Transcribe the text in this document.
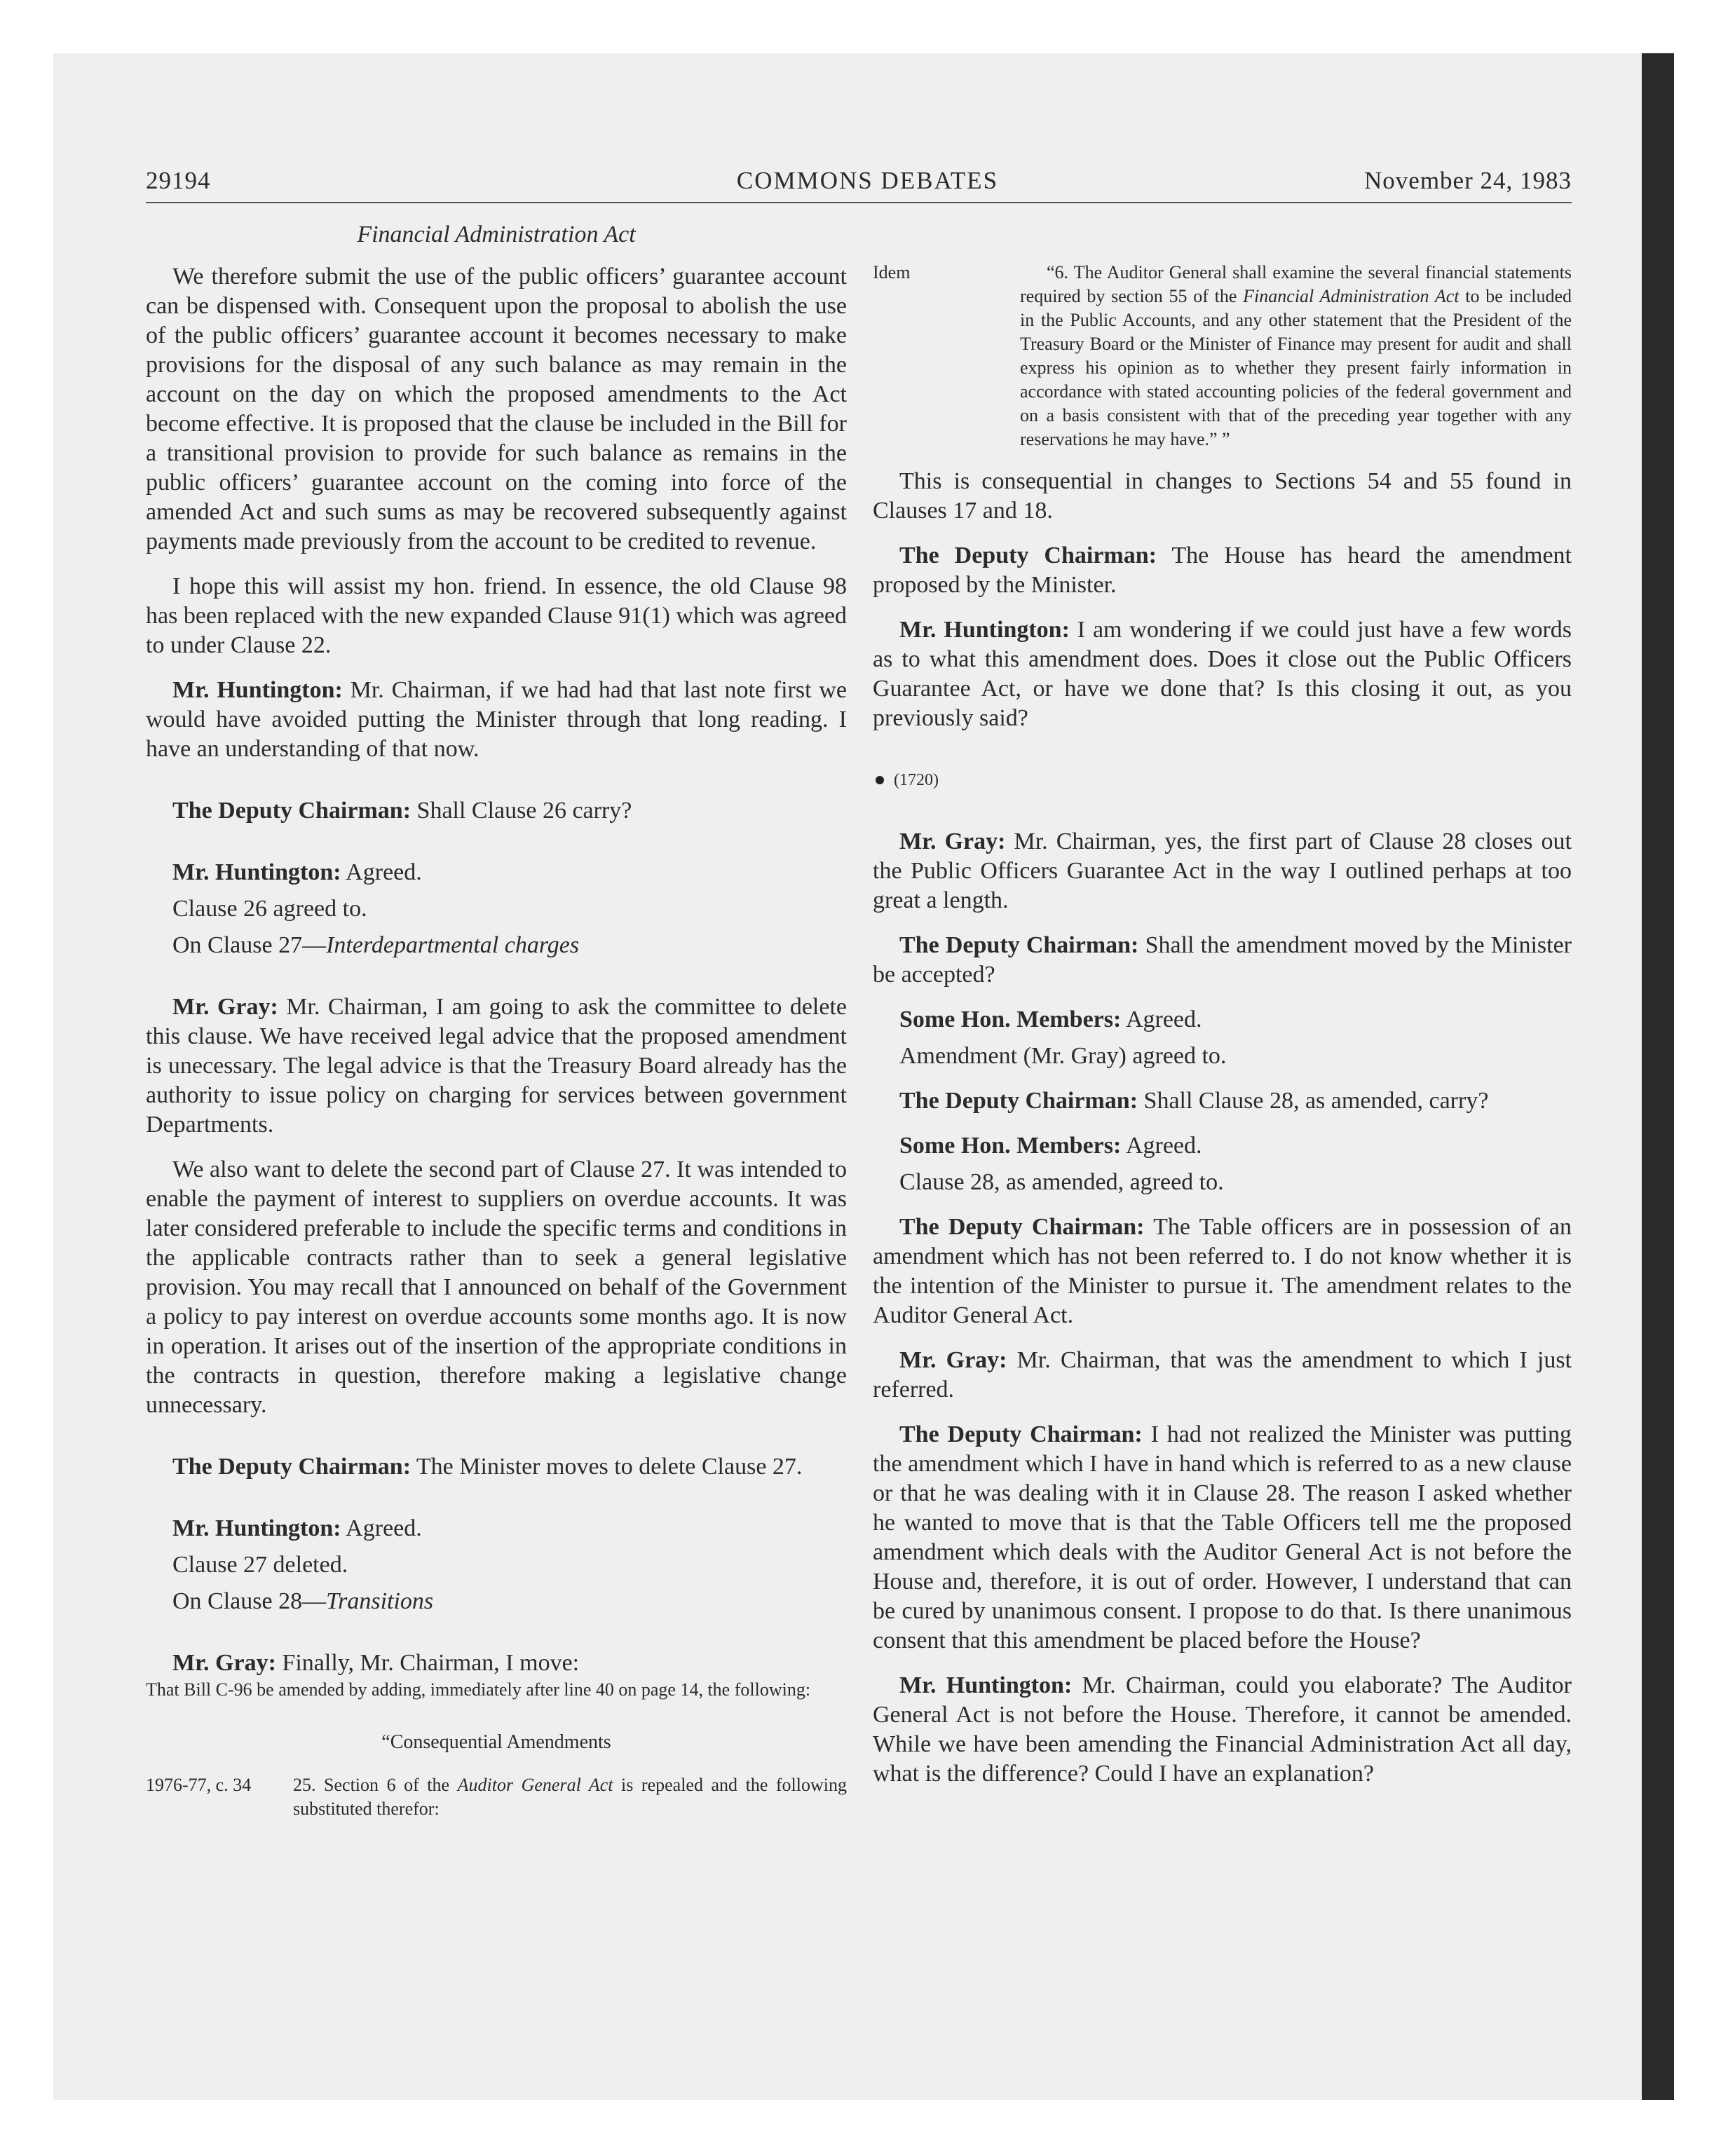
29194	COMMONS DEBATES	November 24, 1983

Financial Administration Act

We therefore submit the use of the public officers’ guarantee account can be dispensed with. Consequent upon the proposal to abolish the use of the public officers’ guarantee account it becomes necessary to make provisions for the disposal of any such balance as may remain in the account on the day on which the proposed amendments to the Act become effective. It is proposed that the clause be included in the Bill for a transitional provision to provide for such balance as remains in the public officers’ guarantee account on the coming into force of the amended Act and such sums as may be recovered subsequently against payments made previously from the account to be credited to revenue.

I hope this will assist my hon. friend. In essence, the old Clause 98 has been replaced with the new expanded Clause 91(1) which was agreed to under Clause 22.

Mr. Huntington: Mr. Chairman, if we had had that last note first we would have avoided putting the Minister through that long reading. I have an understanding of that now.

The Deputy Chairman: Shall Clause 26 carry?

Mr. Huntington: Agreed.

Clause 26 agreed to.

On Clause 27—Interdepartmental charges

Mr. Gray: Mr. Chairman, I am going to ask the committee to delete this clause. We have received legal advice that the proposed amendment is unecessary. The legal advice is that the Treasury Board already has the authority to issue policy on charging for services between government Departments.

We also want to delete the second part of Clause 27. It was intended to enable the payment of interest to suppliers on overdue accounts. It was later considered preferable to include the specific terms and conditions in the applicable contracts rather than to seek a general legislative provision. You may recall that I announced on behalf of the Government a policy to pay interest on overdue accounts some months ago. It is now in operation. It arises out of the insertion of the appropriate conditions in the contracts in question, therefore making a legislative change unnecessary.

The Deputy Chairman: The Minister moves to delete Clause 27.

Mr. Huntington: Agreed.

Clause 27 deleted.

On Clause 28—Transitions

Mr. Gray: Finally, Mr. Chairman, I move:

That Bill C-96 be amended by adding, immediately after line 40 on page 14, the following:

“Consequential Amendments

1976-77, c. 34 25. Section 6 of the Auditor General Act is repealed and the following substituted therefor:

Idem	“6. The Auditor General shall examine the several financial statements required by section 55 of the Financial Administration Act to be included in the Public Accounts, and any other statement that the President of the Treasury Board or the Minister of Finance may present for audit and shall express his opinion as to whether they present fairly information in accordance with stated accounting policies of the federal government and on a basis consistent with that of the preceding year together with any reservations he may have.” ”

This is consequential in changes to Sections 54 and 55 found in Clauses 17 and 18.

The Deputy Chairman: The House has heard the amendment proposed by the Minister.

Mr. Huntington: I am wondering if we could just have a few words as to what this amendment does. Does it close out the Public Officers Guarantee Act, or have we done that? Is this closing it out, as you previously said?

(1720)

Mr. Gray: Mr. Chairman, yes, the first part of Clause 28 closes out the Public Officers Guarantee Act in the way I outlined perhaps at too great a length.

The Deputy Chairman: Shall the amendment moved by the Minister be accepted?

Some Hon. Members: Agreed.

Amendment (Mr. Gray) agreed to.

The Deputy Chairman: Shall Clause 28, as amended, carry?

Some Hon. Members: Agreed.

Clause 28, as amended, agreed to.

The Deputy Chairman: The Table officers are in possession of an amendment which has not been referred to. I do not know whether it is the intention of the Minister to pursue it. The amendment relates to the Auditor General Act.

Mr. Gray: Mr. Chairman, that was the amendment to which I just referred.

The Deputy Chairman: I had not realized the Minister was putting the amendment which I have in hand which is referred to as a new clause or that he was dealing with it in Clause 28. The reason I asked whether he wanted to move that is that the Table Officers tell me the proposed amendment which deals with the Auditor General Act is not before the House and, therefore, it is out of order. However, I understand that can be cured by unanimous consent. I propose to do that. Is there unanimous consent that this amendment be placed before the House?

Mr. Huntington: Mr. Chairman, could you elaborate? The Auditor General Act is not before the House. Therefore, it cannot be amended. While we have been amending the Financial Administration Act all day, what is the difference? Could I have an explanation?
